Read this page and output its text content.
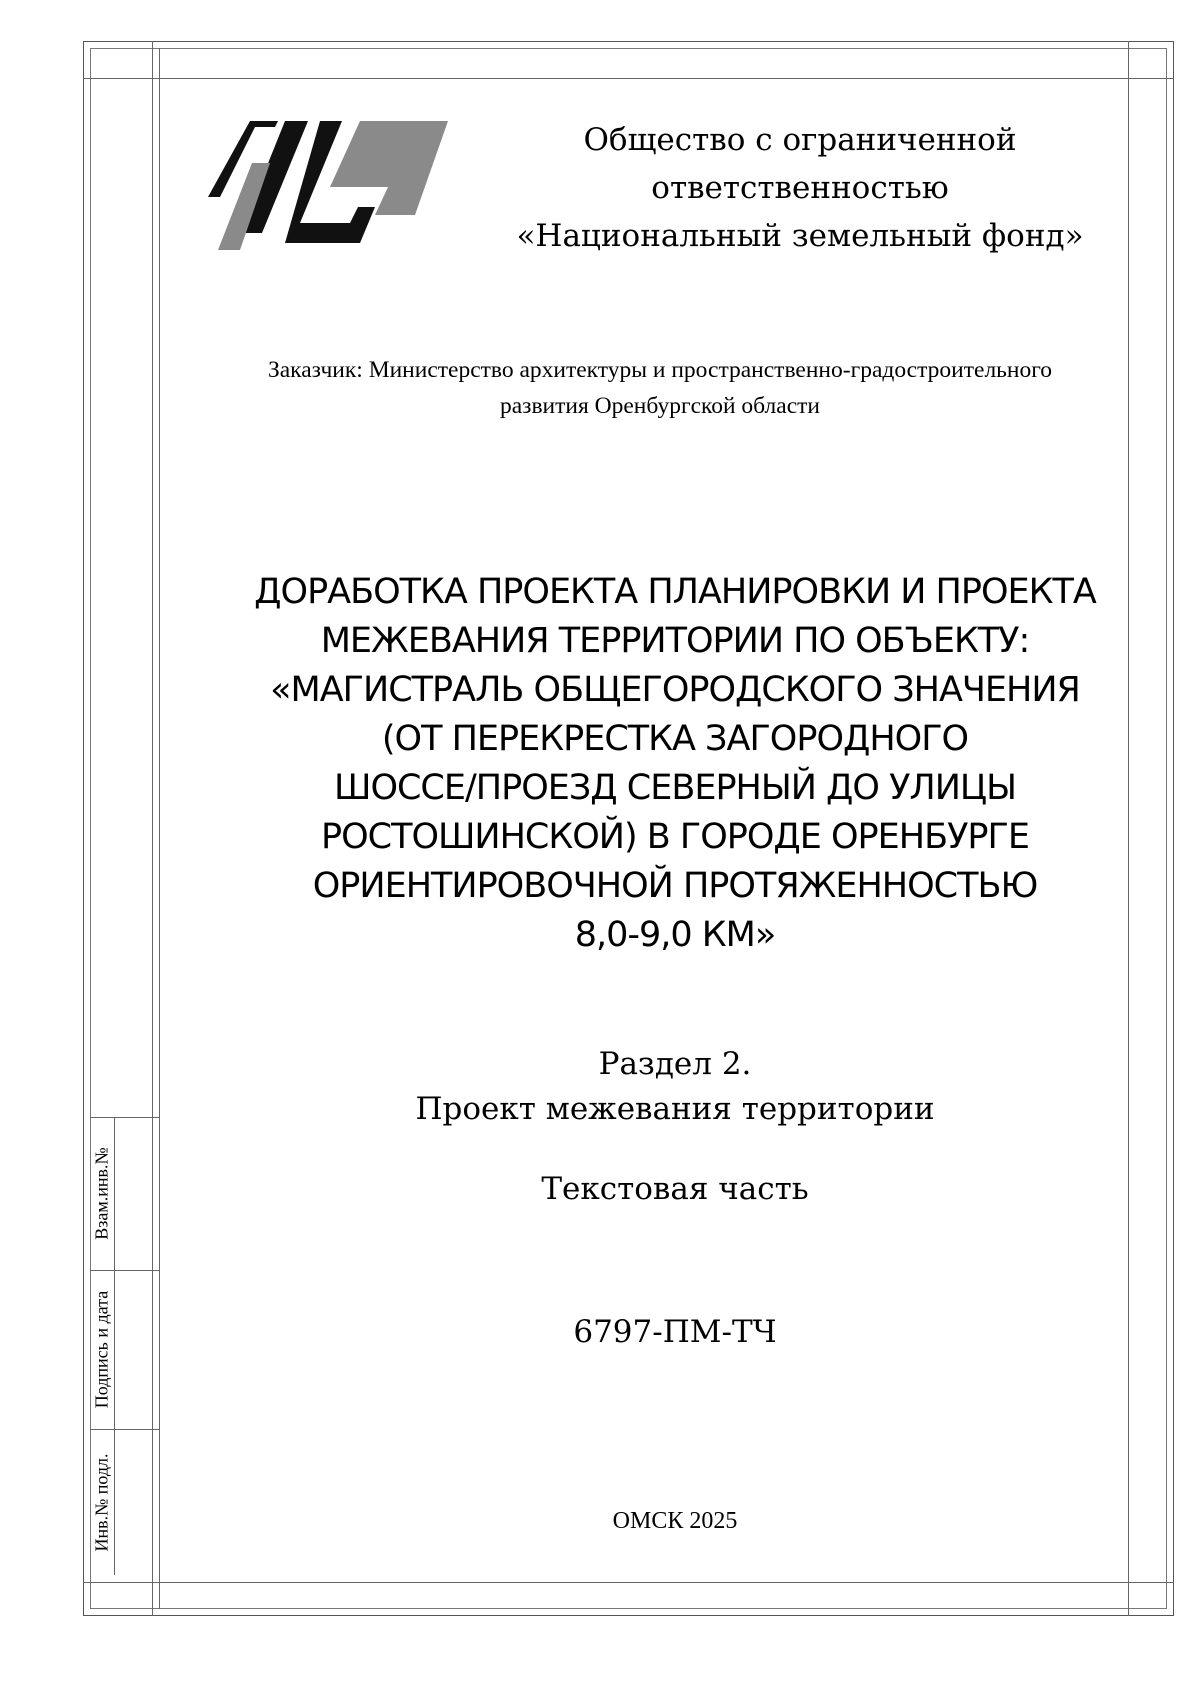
Взам.инв.№
Подпись и дата
Инв.№ подл.
Общество с ограниченной
ответственностью
«Национальный земельный фонд»
Заказчик: Министерство архитектуры и пространственно-градостроительного
развития Оренбургской области
ДОРАБОТКА ПРОЕКТА ПЛАНИРОВКИ И ПРОЕКТА
МЕЖЕВАНИЯ ТЕРРИТОРИИ ПО ОБЪЕКТУ:
«МАГИСТРАЛЬ ОБЩЕГОРОДСКОГО ЗНАЧЕНИЯ
(ОТ ПЕРЕКРЕСТКА ЗАГОРОДНОГО
ШОССЕ/ПРОЕЗД СЕВЕРНЫЙ ДО УЛИЦЫ
РОСТОШИНСКОЙ) В ГОРОДЕ ОРЕНБУРГЕ
ОРИЕНТИРОВОЧНОЙ ПРОТЯЖЕННОСТЬЮ
8,0-9,0 КМ»
Раздел 2.
Проект межевания территории
Текстовая часть
6797-ПМ-ТЧ
ОМСК 2025
